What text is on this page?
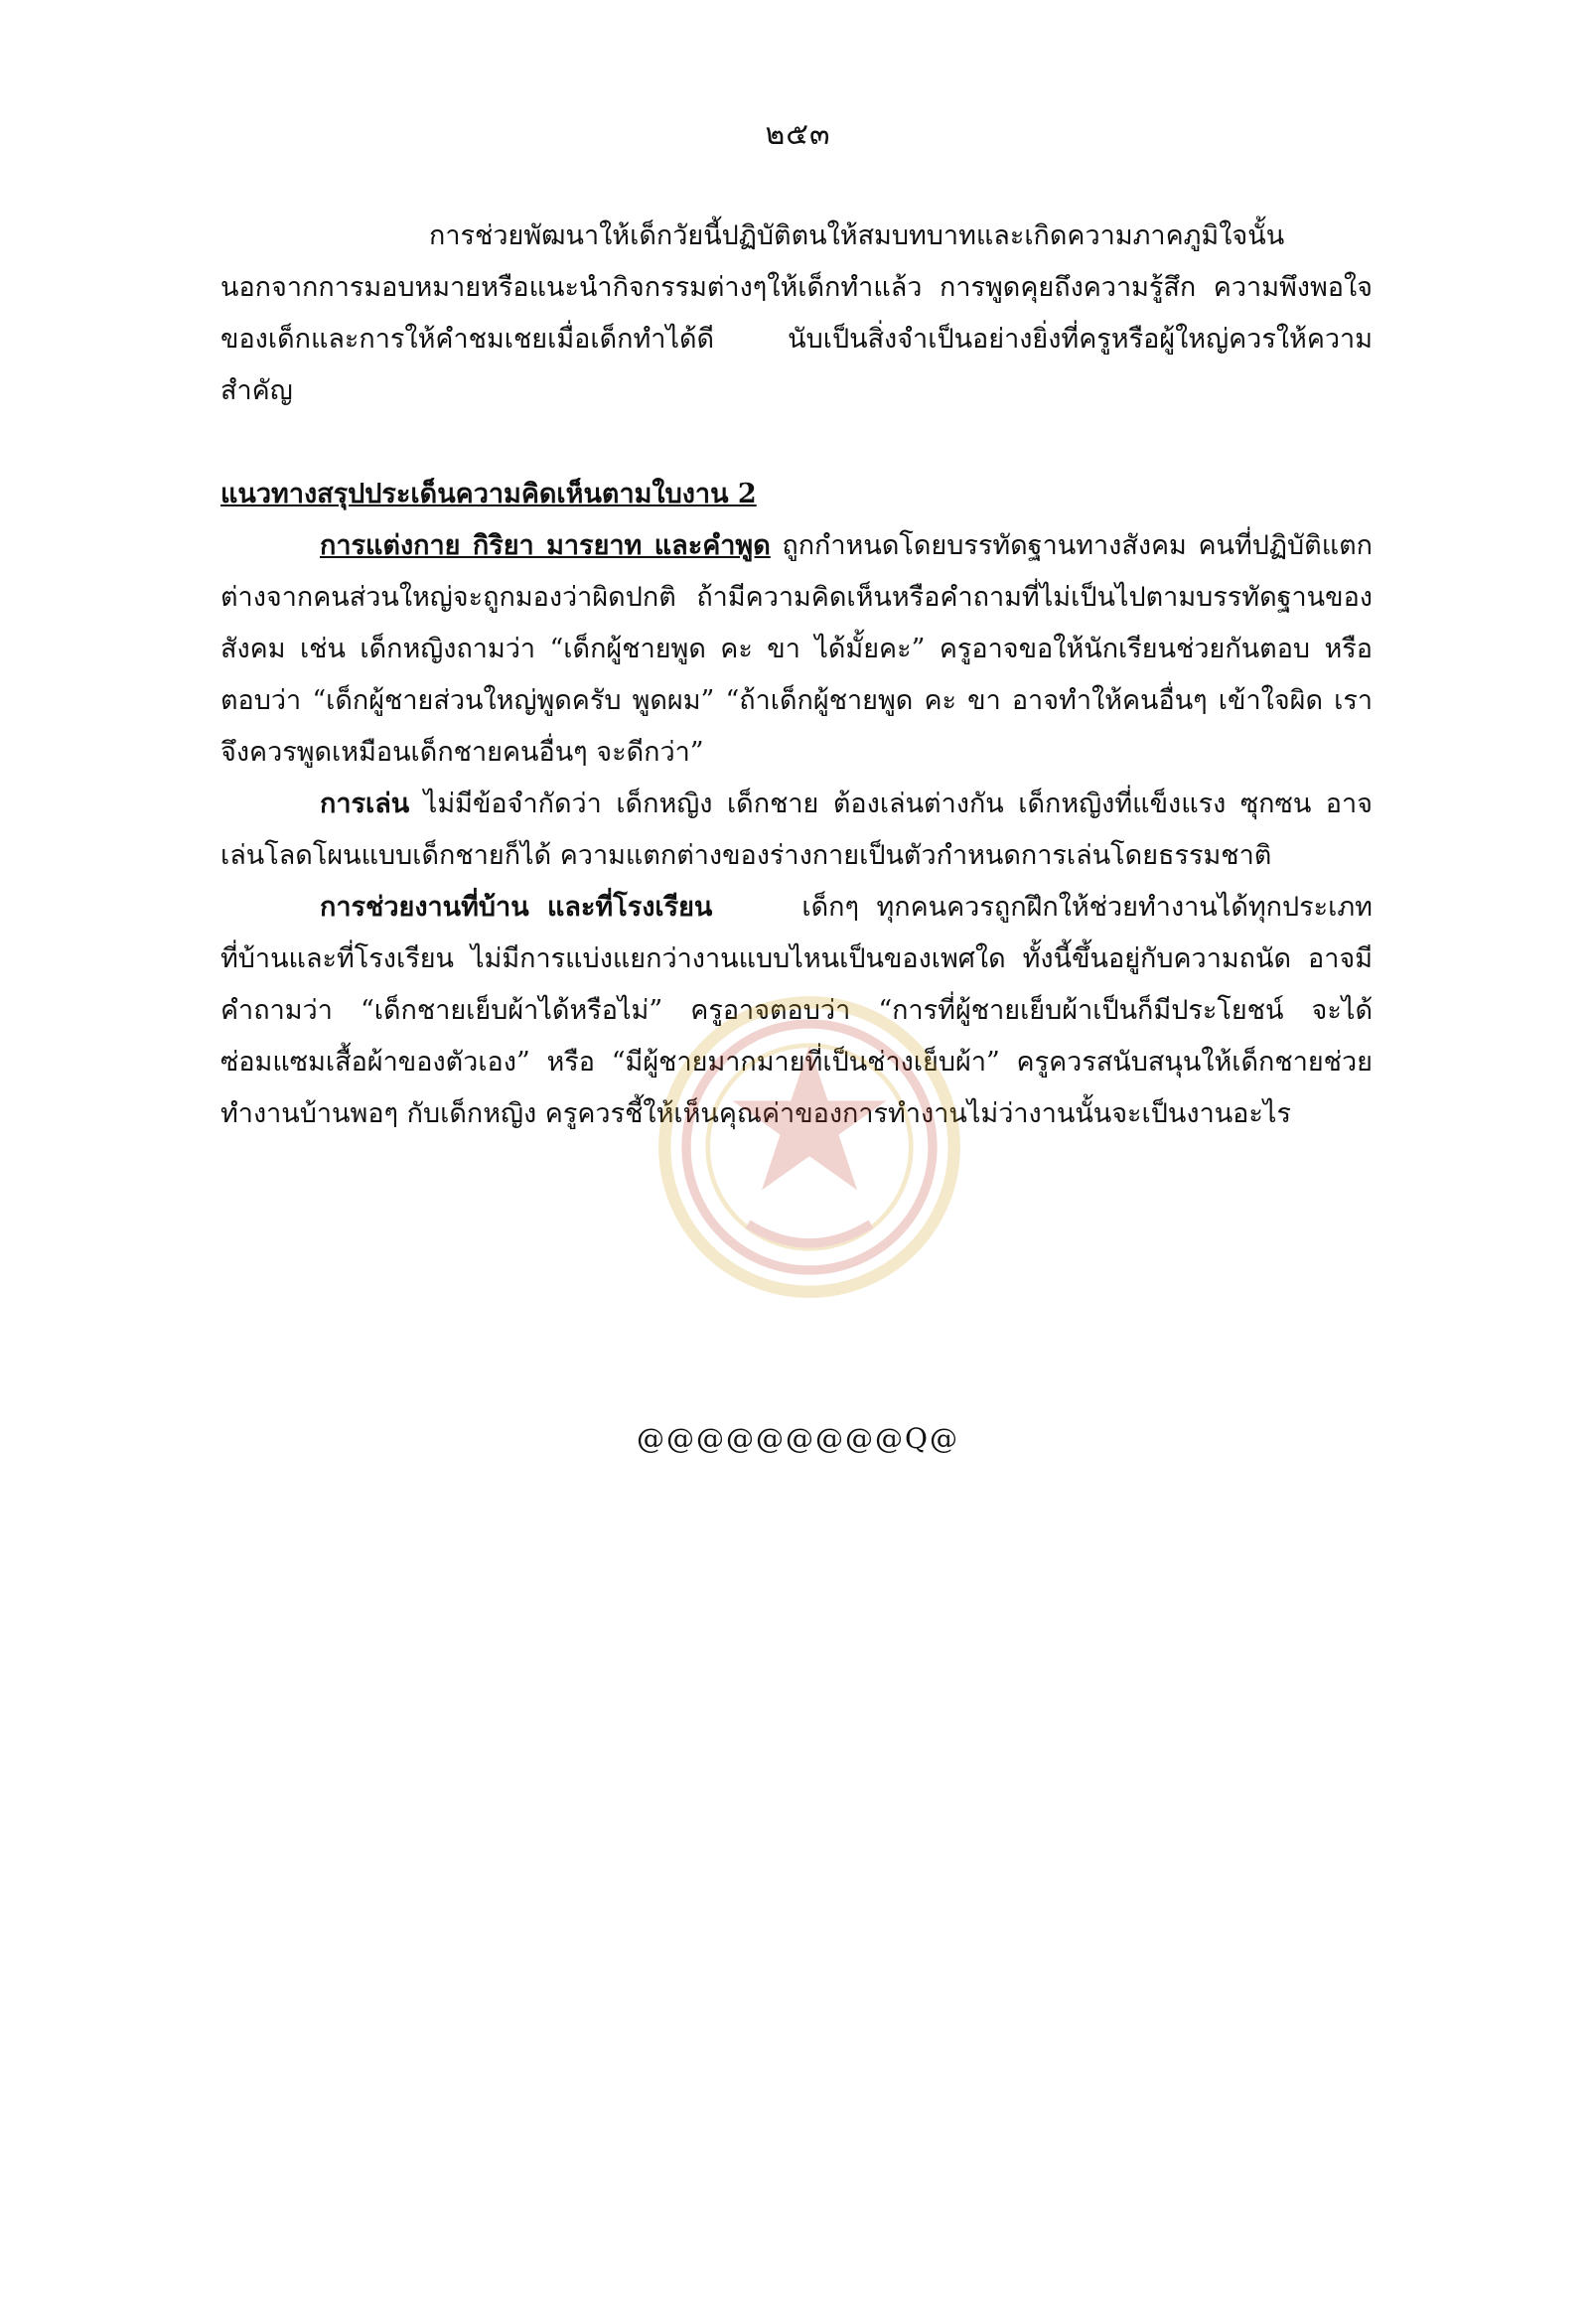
๒๕๓

การช่วยพัฒนาให้เด็กวัยนี้ปฏิบัติตนให้สมบทบาทและเกิดความภาคภูมิใจนั้น นอกจากการมอบหมายหรือแนะนำกิจกรรมต่างๆให้เด็กทำแล้ว การพูดคุยถึงความรู้สึก ความพึงพอใจของเด็กและการให้คำชมเชยเมื่อเด็กทำได้ดี นับเป็นสิ่งจำเป็นอย่างยิ่งที่ครูหรือผู้ใหญ่ควรให้ความสำคัญ

แนวทางสรุปประเด็นความคิดเห็นตามใบงาน 2

การแต่งกาย กิริยา มารยาท และคำพูด ถูกกำหนดโดยบรรทัดฐานทางสังคม คนที่ปฏิบัติแตกต่างจากคนส่วนใหญ่จะถูกมองว่าผิดปกติ ถ้ามีความคิดเห็นหรือคำถามที่ไม่เป็นไปตามบรรทัดฐานของสังคม เช่น เด็กหญิงถามว่า “เด็กผู้ชายพูด คะ ขา ได้มั้ยคะ” ครูอาจขอให้นักเรียนช่วยกันตอบ หรือตอบว่า “เด็กผู้ชายส่วนใหญ่พูดครับ พูดผม” “ถ้าเด็กผู้ชายพูด คะ ขา อาจทำให้คนอื่นๆ เข้าใจผิด เราจึงควรพูดเหมือนเด็กชายคนอื่นๆ จะดีกว่า”

การเล่น ไม่มีข้อจำกัดว่า เด็กหญิง เด็กชาย ต้องเล่นต่างกัน เด็กหญิงที่แข็งแรง ซุกซน อาจเล่นโลดโผนแบบเด็กชายก็ได้ ความแตกต่างของร่างกายเป็นตัวกำหนดการเล่นโดยธรรมชาติ

การช่วยงานที่บ้าน และที่โรงเรียน	เด็กๆ ทุกคนควรถูกฝึกให้ช่วยทำงานได้ทุกประเภทที่บ้านและที่โรงเรียน ไม่มีการแบ่งแยกว่างานแบบไหนเป็นของเพศใด ทั้งนี้ขึ้นอยู่กับความถนัด อาจมีคำถามว่า “เด็กชายเย็บผ้าได้หรือไม่” ครูอาจตอบว่า “การที่ผู้ชายเย็บผ้าเป็นก็มีประโยชน์ จะได้ซ่อมแซมเสื้อผ้าของตัวเอง” หรือ “มีผู้ชายมากมายที่เป็นช่างเย็บผ้า” ครูควรสนับสนุนให้เด็กชายช่วยทำงานบ้านพอๆ กับเด็กหญิง ครูควรชี้ให้เห็นคุณค่าของการทำงานไม่ว่างานนั้นจะเป็นงานอะไร

@@@@@@@@@Q@
